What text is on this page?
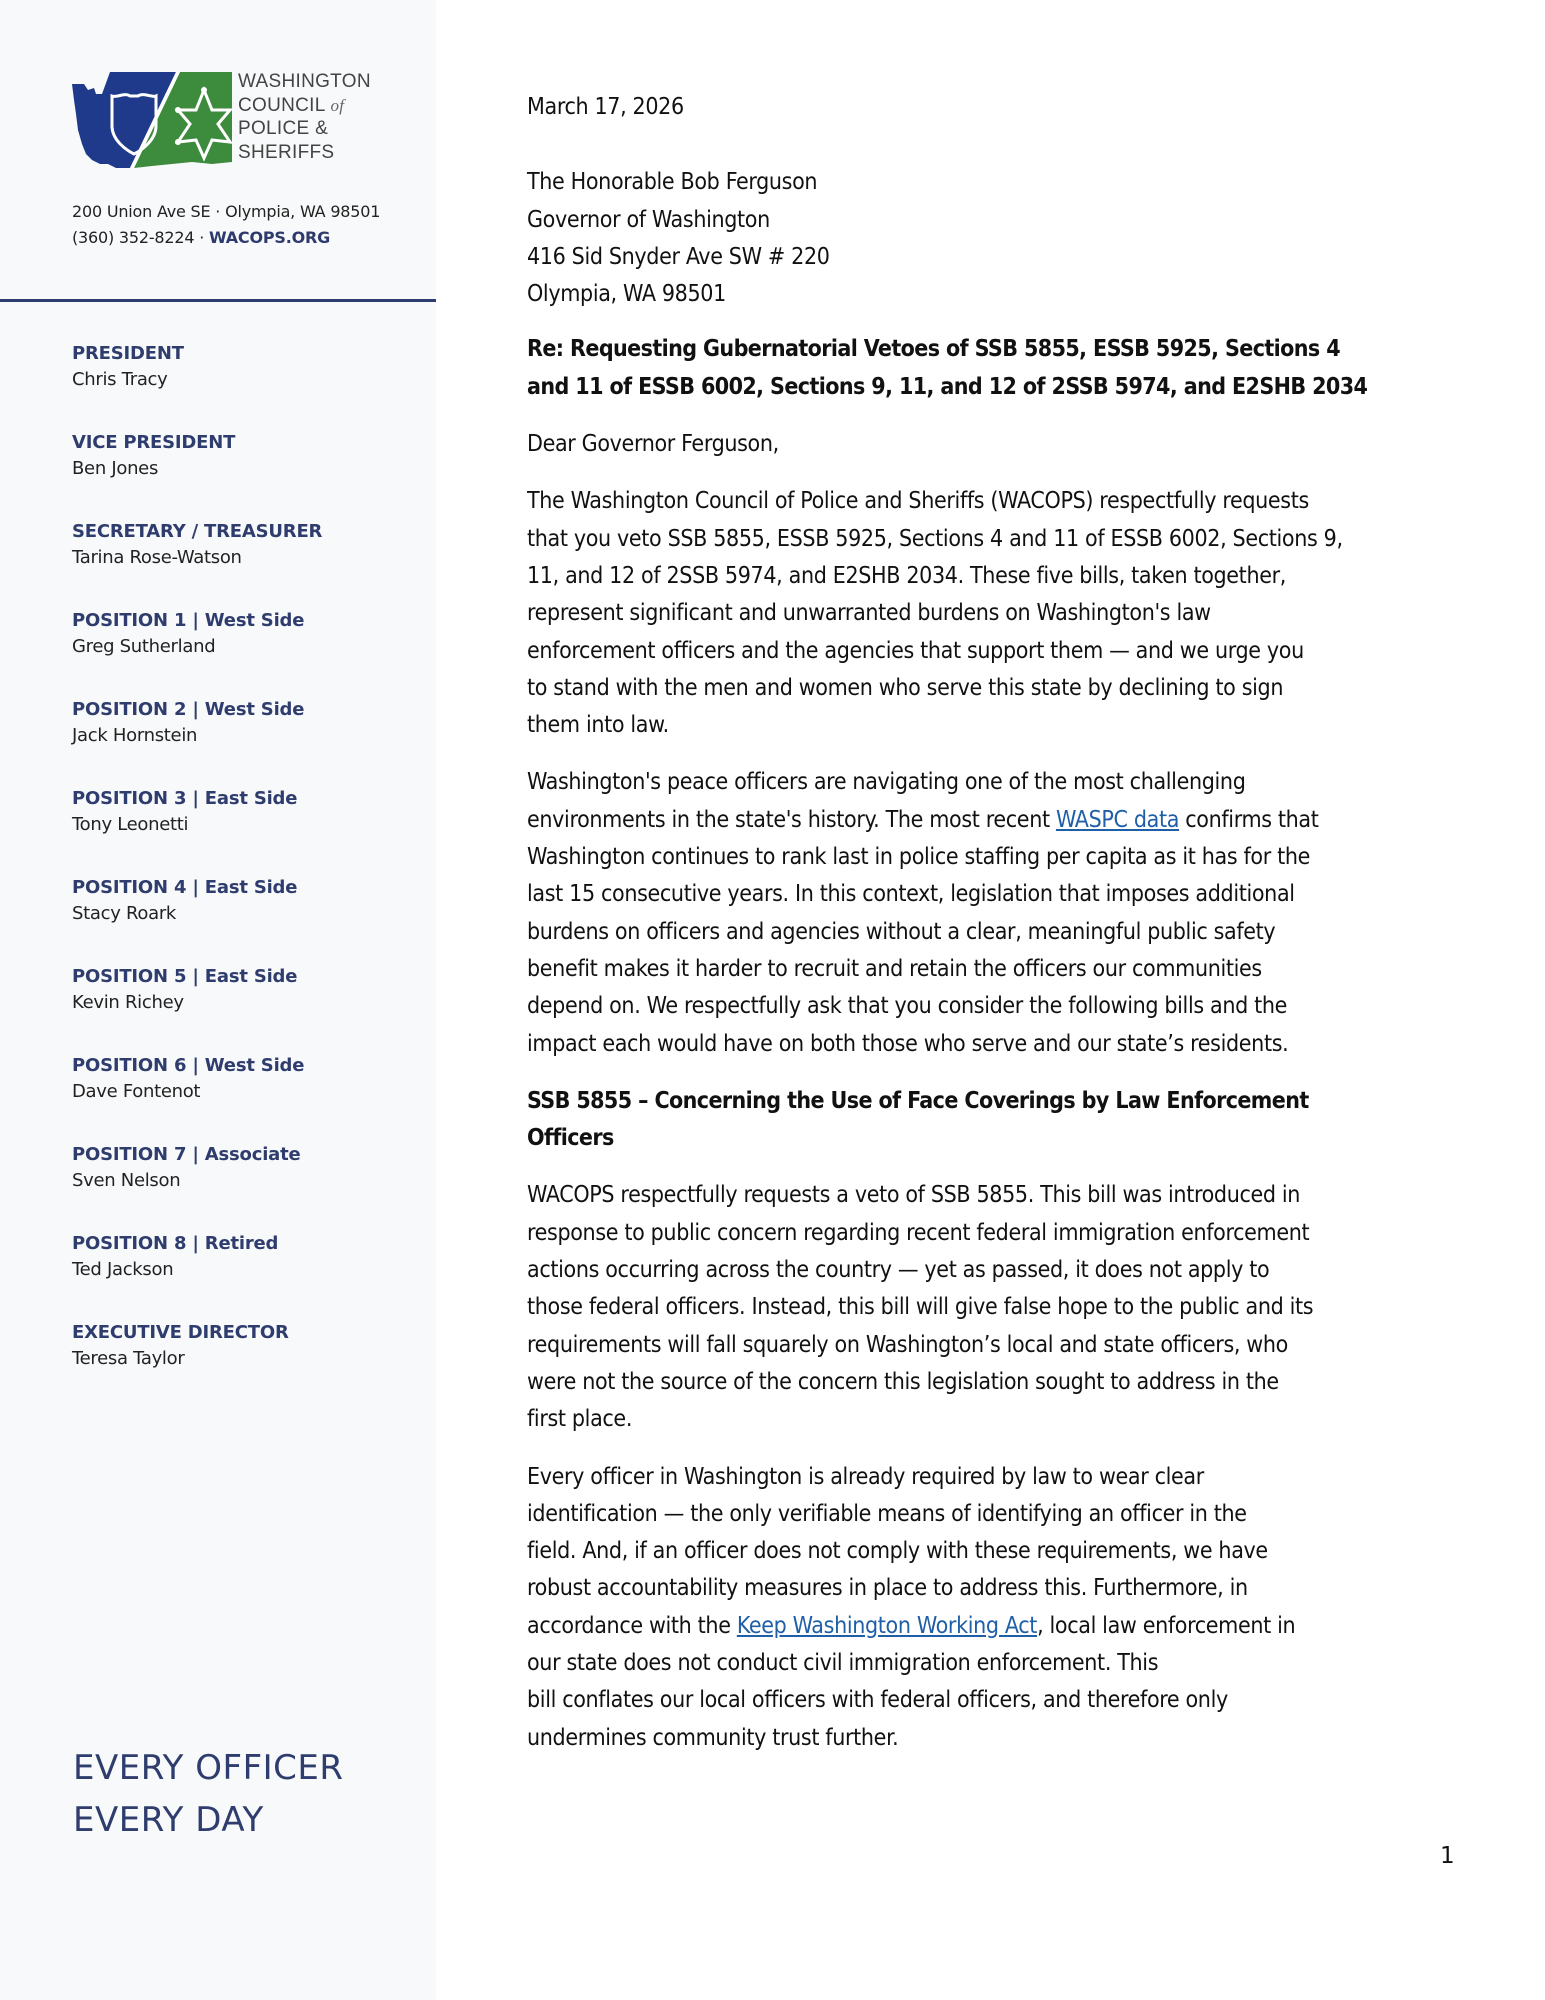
WASHINGTON
COUNCIL of
POLICE &
SHERIFFS
200 Union Ave SE · Olympia, WA 98501
(360) 352-8224 · WACOPS.ORG
PRESIDENT
Chris Tracy
VICE PRESIDENT
Ben Jones
SECRETARY / TREASURER
Tarina Rose-Watson
POSITION 1 | West Side
Greg Sutherland
POSITION 2 | West Side
Jack Hornstein
POSITION 3 | East Side
Tony Leonetti
POSITION 4 | East Side
Stacy Roark
POSITION 5 | East Side
Kevin Richey
POSITION 6 | West Side
Dave Fontenot
POSITION 7 | Associate
Sven Nelson
POSITION 8 | Retired
Ted Jackson
EXECUTIVE DIRECTOR
Teresa Taylor
EVERY OFFICER
EVERY DAY

March 17, 2026

The Honorable Bob Ferguson
Governor of Washington
416 Sid Snyder Ave SW # 220
Olympia, WA 98501
Re: Requesting Gubernatorial Vetoes of SSB 5855, ESSB 5925, Sections 4
and 11 of ESSB 6002, Sections 9, 11, and 12 of 2SSB 5974, and E2SHB 2034

Dear Governor Ferguson,

The Washington Council of Police and Sheriffs (WACOPS) respectfully requests
that you veto SSB 5855, ESSB 5925, Sections 4 and 11 of ESSB 6002, Sections 9,
11, and 12 of 2SSB 5974, and E2SHB 2034. These five bills, taken together,
represent significant and unwarranted burdens on Washington's law
enforcement officers and the agencies that support them — and we urge you
to stand with the men and women who serve this state by declining to sign
them into law.
Washington's peace officers are navigating one of the most challenging
environments in the state's history. The most recent WASPC data confirms that
Washington continues to rank last in police staffing per capita as it has for the
last 15 consecutive years. In this context, legislation that imposes additional
burdens on officers and agencies without a clear, meaningful public safety
benefit makes it harder to recruit and retain the officers our communities
depend on. We respectfully ask that you consider the following bills and the
impact each would have on both those who serve and our state’s residents.
SSB 5855 – Concerning the Use of Face Coverings by Law Enforcement
Officers
WACOPS respectfully requests a veto of SSB 5855. This bill was introduced in
response to public concern regarding recent federal immigration enforcement
actions occurring across the country — yet as passed, it does not apply to
those federal officers. Instead, this bill will give false hope to the public and its
requirements will fall squarely on Washington’s local and state officers, who
were not the source of the concern this legislation sought to address in the
first place.
Every officer in Washington is already required by law to wear clear
identification — the only verifiable means of identifying an officer in the
field. And, if an officer does not comply with these requirements, we have
robust accountability measures in place to address this. Furthermore, in
accordance with the Keep Washington Working Act, local law enforcement in
our state does not conduct civil immigration enforcement. This
bill conflates our local officers with federal officers, and therefore only
undermines community trust further.
1
